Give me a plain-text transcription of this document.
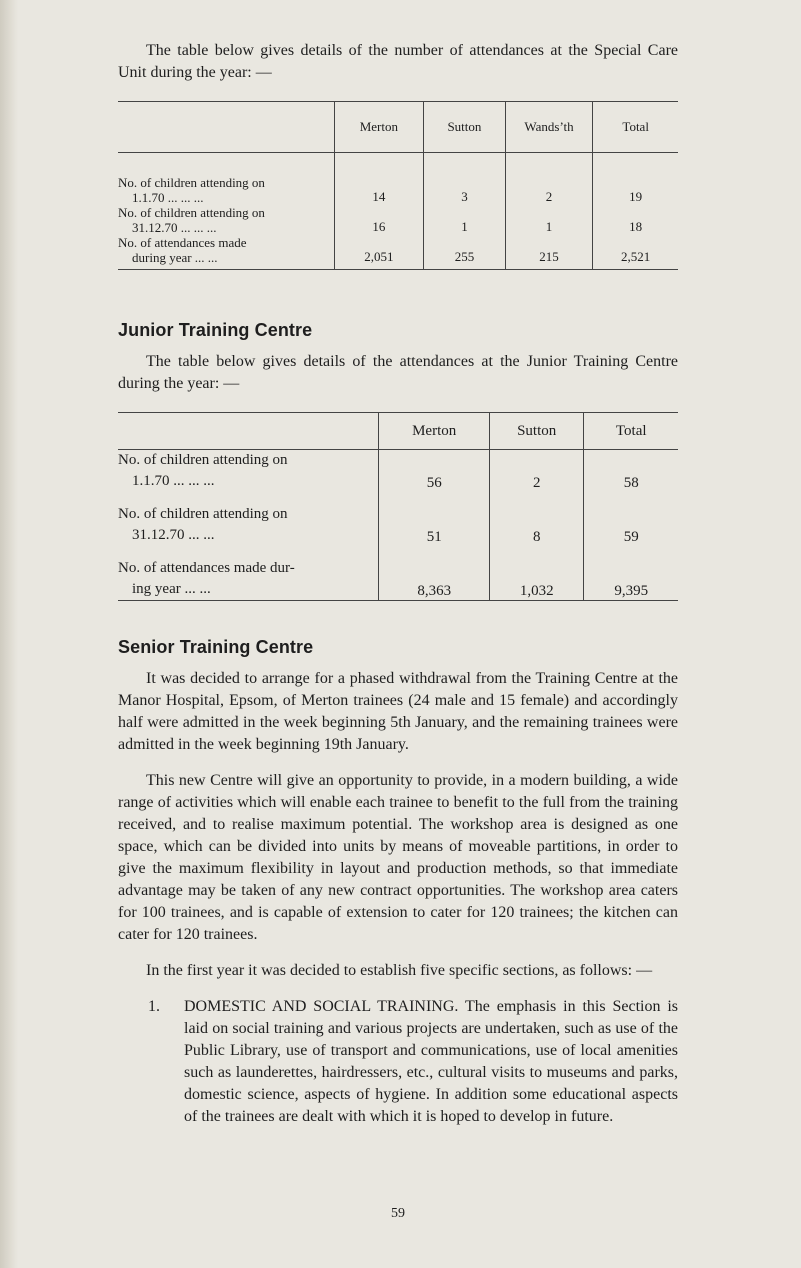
The table below gives details of the number of attendances at the Special Care Unit during the year: —

	Merton	Sutton	Wands’th	Total

No. of children attending on
1.1.70 ... ... ...	14	3	2	19

No. of children attending on
31.12.70 ... ... ...	16	1	1	18

No. of attendances made
during year ... ...	2,051	255	215	2,521
Junior Training Centre

The table below gives details of the attendances at the Junior Training Centre during the year: —

	Merton	Sutton	Total

No. of children attending on
1.1.70 ... ... ...	56	2	58

No. of children attending on
31.12.70 ... ...	51	8	59

No. of attendances made dur-
ing year ... ...	8,363	1,032	9,395
Senior Training Centre

It was decided to arrange for a phased withdrawal from the Training Centre at the Manor Hospital, Epsom, of Merton trainees (24 male and 15 female) and accordingly half were admitted in the week beginning 5th January, and the remaining trainees were admitted in the week beginning 19th January.

This new Centre will give an opportunity to provide, in a modern building, a wide range of activities which will enable each trainee to benefit to the full from the training received, and to realise maximum potential. The workshop area is designed as one space, which can be divided into units by means of moveable partitions, in order to give the maximum flexibility in layout and production methods, so that immediate advantage may be taken of any new contract opportunities. The workshop area caters for 100 trainees, and is capable of extension to cater for 120 trainees; the kitchen can cater for 120 trainees.

In the first year it was decided to establish five specific sections, as follows: —

1.	DOMESTIC AND SOCIAL TRAINING. The emphasis in this Section is laid on social training and various projects are undertaken, such as use of the Public Library, use of transport and communications, use of local amenities such as launderettes, hairdressers, etc., cultural visits to museums and parks, domestic science, aspects of hygiene. In addition some educational aspects of the trainees are dealt with which it is hoped to develop in future.
59
